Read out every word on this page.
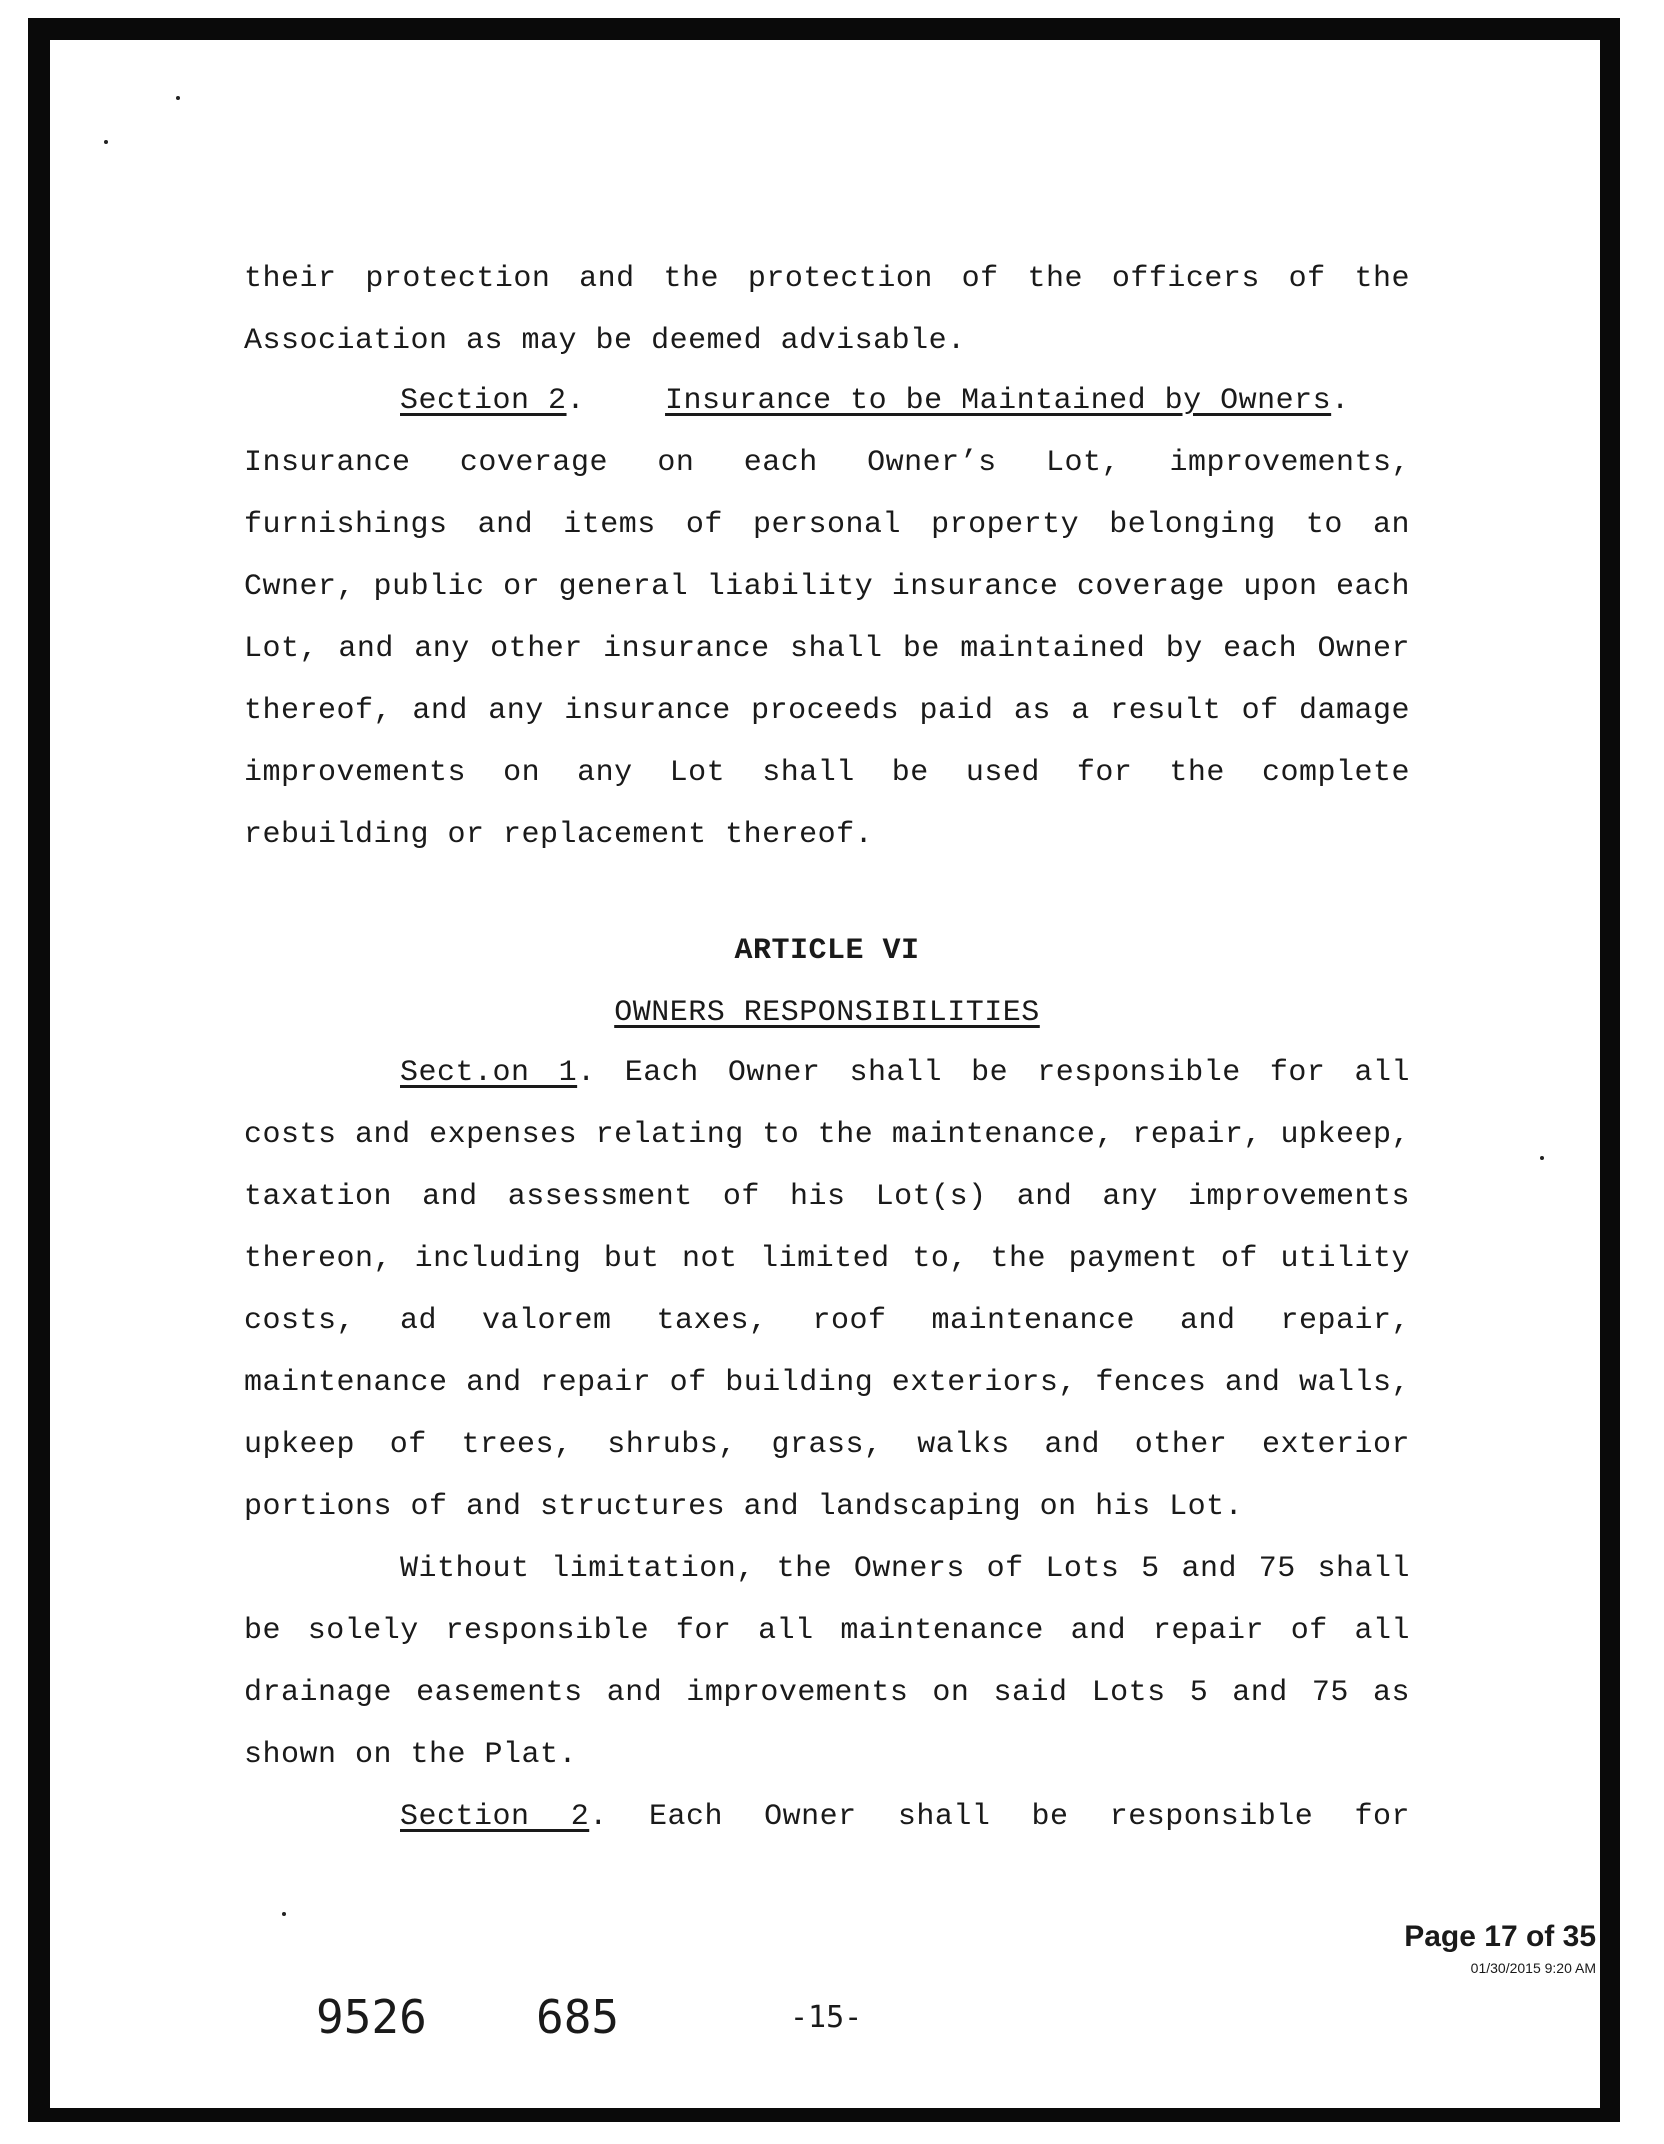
their protection and the protection of the officers of the
Association as may be deemed advisable.
Section 2.	Insurance to be Maintained by Owners.
Insurance coverage on each Owner’s Lot, improvements,
furnishings and items of personal property belonging to an
Cwner, public or general liability insurance coverage upon each
Lot, and any other insurance shall be maintained by each Owner
thereof, and any insurance proceeds paid as a result of damage
improvements on any Lot shall be used for the complete
rebuilding or replacement thereof.
ARTICLE VI
OWNERS RESPONSIBILITIES
Sect.on 1. Each Owner shall be responsible for all
costs and expenses relating to the maintenance, repair, upkeep,
taxation and assessment of his Lot(s) and any improvements
thereon, including but not limited to, the payment of utility
costs, ad valorem taxes, roof maintenance and repair,
maintenance and repair of building exteriors, fences and walls,
upkeep of trees, shrubs, grass, walks and other exterior
portions of and structures and landscaping on his Lot.
Without limitation, the Owners of Lots 5 and 75 shall
be solely responsible for all maintenance and repair of all
drainage easements and improvements on said Lots 5 and 75 as
shown on the Plat.
Section 2. Each Owner shall be responsible for
Page 17 of 35
01/30/2015 9:20 AM
9526 685	-15-
